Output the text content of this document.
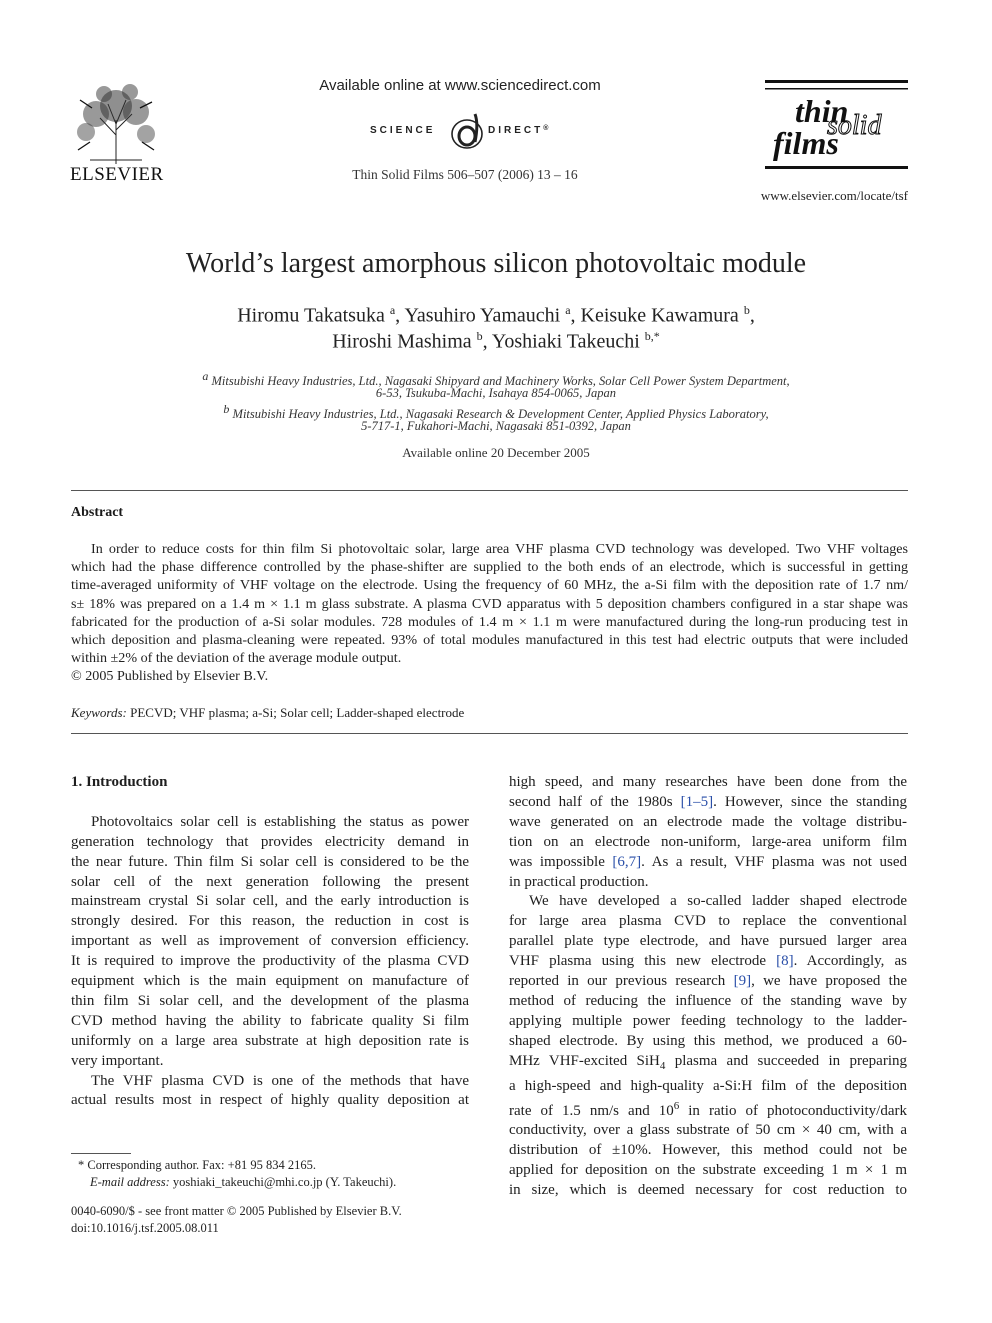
ELSEVIER
Available online at www.sciencedirect.com
SCIENCE	DIRECT®
Thin Solid Films 506–507 (2006) 13 – 16
thin
solid
films
www.elsevier.com/locate/tsf
World’s largest amorphous silicon photovoltaic module
Hiromu Takatsuka $^a$, Yasuhiro Yamauchi $^a$, Keisuke Kawamura $^b$,
Hiroshi Mashima $^b$, Yoshiaki Takeuchi $^{b,*}$
$^a$ Mitsubishi Heavy Industries, Ltd., Nagasaki Shipyard and Machinery Works, Solar Cell Power System Department,
6-53, Tsukuba-Machi, Isahaya 854-0065, Japan
$^b$ Mitsubishi Heavy Industries, Ltd., Nagasaki Research & Development Center, Applied Physics Laboratory,
5-717-1, Fukahori-Machi, Nagasaki 851-0392, Japan
Available online 20 December 2005
Abstract
In order to reduce costs for thin film Si photovoltaic solar, large area VHF plasma CVD technology was developed. Two VHF voltages
which had the phase difference controlled by the phase-shifter are supplied to the both ends of an electrode, which is successful in getting
time-averaged uniformity of VHF voltage on the electrode. Using the frequency of 60 MHz, the a-Si film with the deposition rate of 1.7 nm/
s± 18% was prepared on a 1.4 m × 1.1 m glass substrate. A plasma CVD apparatus with 5 deposition chambers configured in a star shape was
fabricated for the production of a-Si solar modules. 728 modules of 1.4 m × 1.1 m were manufactured during the long-run producing test in
which deposition and plasma-cleaning were repeated. 93% of total modules manufactured in this test had electric outputs that were included
within ±2% of the deviation of the average module output.
© 2005 Published by Elsevier B.V.
Keywords: PECVD; VHF plasma; a-Si; Solar cell; Ladder-shaped electrode
1. Introduction
Photovoltaics solar cell is establishing the status as power
generation technology that provides electricity demand in
the near future. Thin film Si solar cell is considered to be the
solar cell of the next generation following the present
mainstream crystal Si solar cell, and the early introduction is
strongly desired. For this reason, the reduction in cost is
important as well as improvement of conversion efficiency.
It is required to improve the productivity of the plasma CVD
equipment which is the main equipment on manufacture of
thin film Si solar cell, and the development of the plasma
CVD method having the ability to fabricate quality Si film
uniformly on a large area substrate at high deposition rate is
very important.
The VHF plasma CVD is one of the methods that have
actual results most in respect of highly quality deposition at
high speed, and many researches have been done from the
second half of the 1980s [1–5]. However, since the standing
wave generated on an electrode made the voltage distribu-
tion on an electrode non-uniform, large-area uniform film
was impossible [6,7]. As a result, VHF plasma was not used
in practical production.
We have developed a so-called ladder shaped electrode
for large area plasma CVD to replace the conventional
parallel plate type electrode, and have pursued larger area
VHF plasma using this new electrode [8]. Accordingly, as
reported in our previous research [9], we have proposed the
method of reducing the influence of the standing wave by
applying multiple power feeding technology to the ladder-
shaped electrode. By using this method, we produced a 60-
MHz VHF-excited SiH$_4$ plasma and succeeded in preparing
a high-speed and high-quality a-Si:H film of the deposition
rate of 1.5 nm/s and $10^6$ in ratio of photoconductivity/dark
conductivity, over a glass substrate of 50 cm × 40 cm, with a
distribution of ±10%. However, this method could not be
applied for deposition on the substrate exceeding 1 m × 1 m
in size, which is deemed necessary for cost reduction to
* Corresponding author. Fax: +81 95 834 2165.
E-mail address: yoshiaki_takeuchi@mhi.co.jp (Y. Takeuchi).
0040-6090/$ - see front matter © 2005 Published by Elsevier B.V.
doi:10.1016/j.tsf.2005.08.011
